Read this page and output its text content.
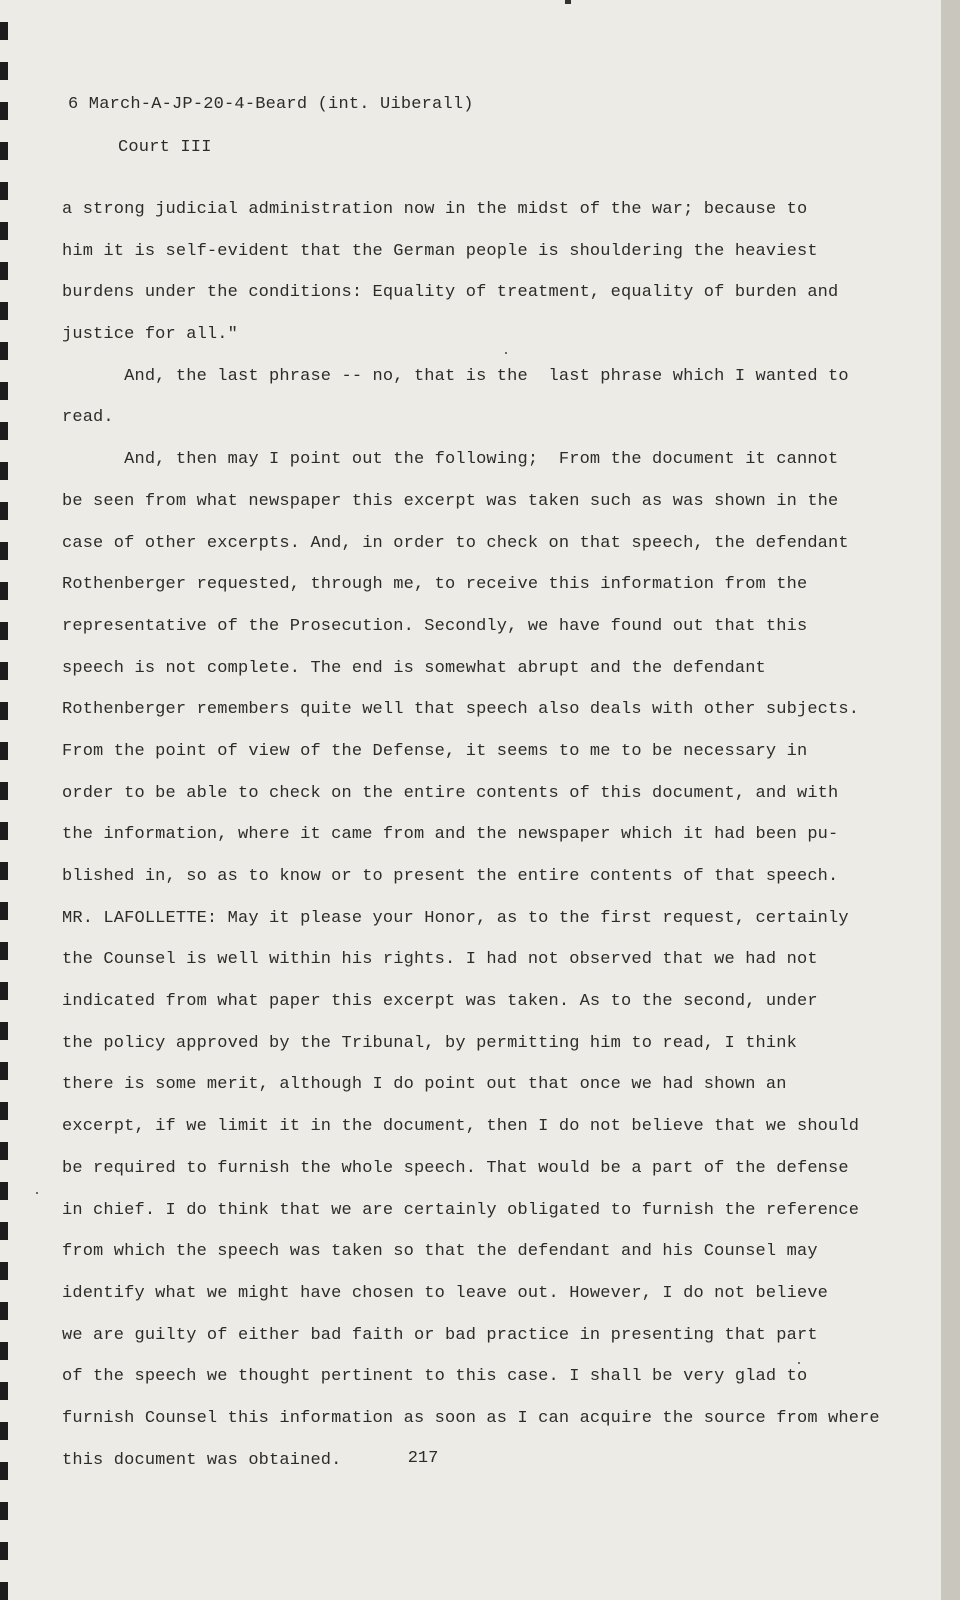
6 March-A-JP-20-4-Beard (int. Uiberall)
Court III
a strong judicial administration now in the midst of the war; because to
him it is self-evident that the German people is shouldering the heaviest
burdens under the conditions: Equality of treatment, equality of burden and
justice for all."
And, the last phrase -- no, that is the  last phrase which I wanted to
read.
And, then may I point out the following;  From the document it cannot
be seen from what newspaper this excerpt was taken such as was shown in the
case of other excerpts. And, in order to check on that speech, the defendant
Rothenberger requested, through me, to receive this information from the
representative of the Prosecution. Secondly, we have found out that this
speech is not complete. The end is somewhat abrupt and the defendant
Rothenberger remembers quite well that speech also deals with other subjects.
From the point of view of the Defense, it seems to me to be necessary in
order to be able to check on the entire contents of this document, and with
the information, where it came from and the newspaper which it had been pu-
blished in, so as to know or to present the entire contents of that speech.
MR. LAFOLLETTE: May it please your Honor, as to the first request, certainly
the Counsel is well within his rights. I had not observed that we had not
indicated from what paper this excerpt was taken. As to the second, under
the policy approved by the Tribunal, by permitting him to read, I think
there is some merit, although I do point out that once we had shown an
excerpt, if we limit it in the document, then I do not believe that we should
be required to furnish the whole speech. That would be a part of the defense
in chief. I do think that we are certainly obligated to furnish the reference
from which the speech was taken so that the defendant and his Counsel may
identify what we might have chosen to leave out. However, I do not believe
we are guilty of either bad faith or bad practice in presenting that part
of the speech we thought pertinent to this case. I shall be very glad to
furnish Counsel this information as soon as I can acquire the source from where
this document was obtained.	217
